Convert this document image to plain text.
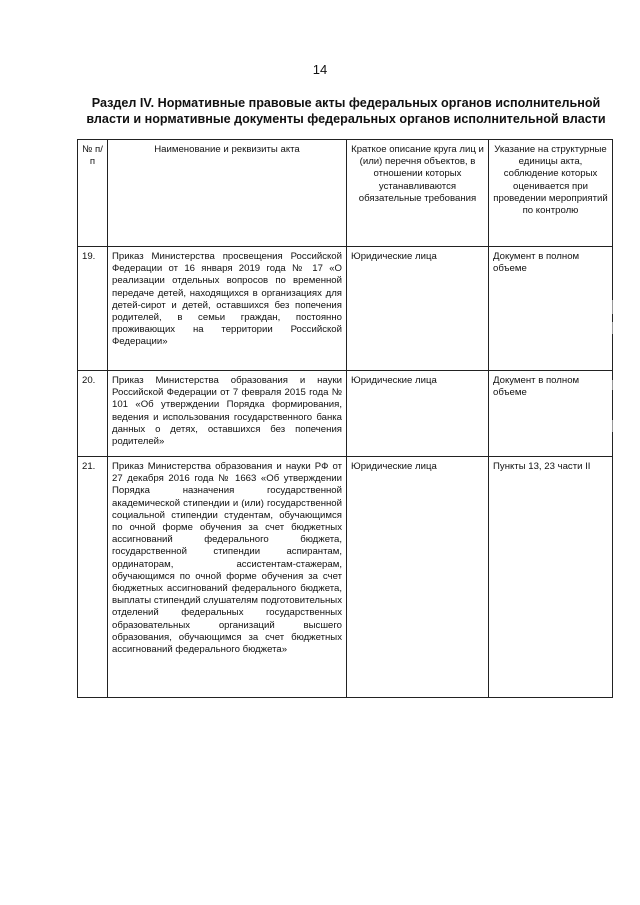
14
Раздел IV. Нормативные правовые акты федеральных органов исполнительной
власти и нормативные документы федеральных органов исполнительной власти
№ п/п	Наименование и реквизиты акта	Краткое описание круга лиц и (или) перечня объектов, в отношении которых устанавливаются обязательные требования	Указание на структурные единицы акта, соблюдение которых оценивается при проведении мероприятий по контролю
19.	Приказ Министерства просвещения Российской Федерации от 16 января 2019 года № 17 «О реализации отдельных вопросов по временной передаче детей, находящихся в организациях для детей-сирот и детей, оставшихся без попечения родителей, в семьи граждан, постоянно проживающих на территории Российской Федерации»	Юридические лица	Документ в полном объеме
20.	Приказ Министерства образования и науки Российской Федерации от 7 февраля 2015 года № 101 «Об утверждении Порядка формирования, ведения и использования государственного банка данных о детях, оставшихся без попечения родителей»	Юридические лица	Документ в полном объеме
21.	Приказ Министерства образования и науки РФ от 27 декабря 2016 года № 1663 «Об утверждении Порядка назначения государственной академической стипендии и (или) государственной социальной стипендии студентам, обучающимся по очной форме обучения за счет бюджетных ассигнований федерального бюджета, государственной стипендии аспирантам, ординаторам, ассистентам-стажерам, обучающимся по очной форме обучения за счет бюджетных ассигнований федерального бюджета, выплаты стипендий слушателям подготовительных отделений федеральных государственных образовательных организаций высшего образования, обучающимся за счет бюджетных ассигнований федерального бюджета»	Юридические лица	Пункты 13, 23 части II
